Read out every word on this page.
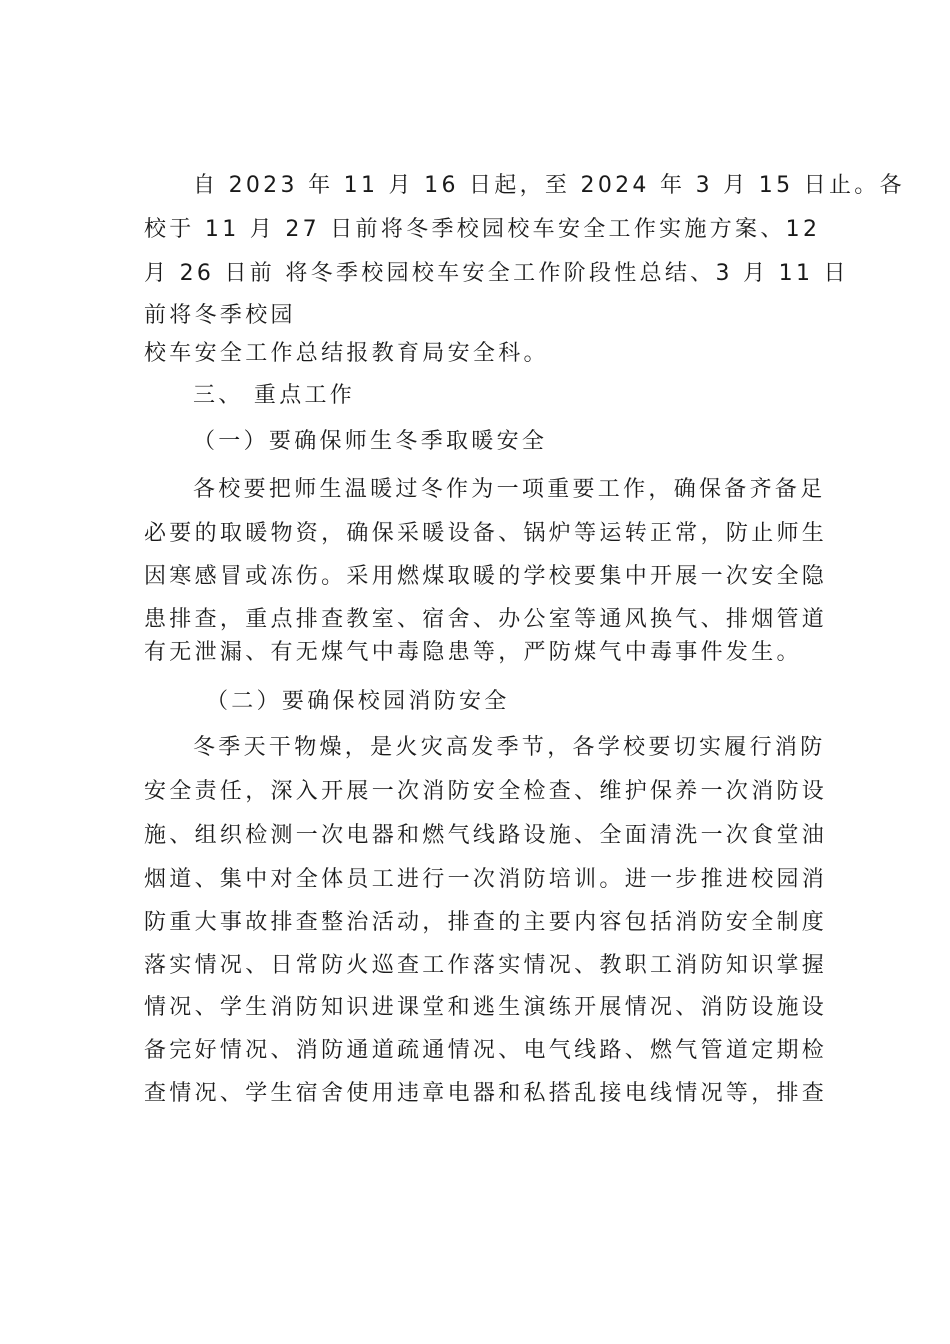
自 2023 年 11 月 16 日起，至 2024 年 3 月 15 日止。各
校于 11 月 27 日前将冬季校园校车安全工作实施方案、12
月 26 日前 将冬季校园校车安全工作阶段性总结、3 月 11 日
前将冬季校园
校车安全工作总结报教育局安全科。
三、 重点工作
（一）要确保师生冬季取暖安全
各校要把师生温暖过冬作为一项重要工作，确保备齐备足
必要的取暖物资，确保采暖设备、锅炉等运转正常，防止师生
因寒感冒或冻伤。采用燃煤取暖的学校要集中开展一次安全隐
患排查，重点排查教室、宿舍、办公室等通风换气、排烟管道
有无泄漏、有无煤气中毒隐患等，严防煤气中毒事件发生。
（二）要确保校园消防安全
冬季天干物燥，是火灾高发季节，各学校要切实履行消防
安全责任，深入开展一次消防安全检查、维护保养一次消防设
施、组织检测一次电器和燃气线路设施、全面清洗一次食堂油
烟道、集中对全体员工进行一次消防培训。进一步推进校园消
防重大事故排查整治活动，排查的主要内容包括消防安全制度
落实情况、日常防火巡查工作落实情况、教职工消防知识掌握
情况、学生消防知识进课堂和逃生演练开展情况、消防设施设
备完好情况、消防通道疏通情况、电气线路、燃气管道定期检
查情况、学生宿舍使用违章电器和私搭乱接电线情况等，排查
